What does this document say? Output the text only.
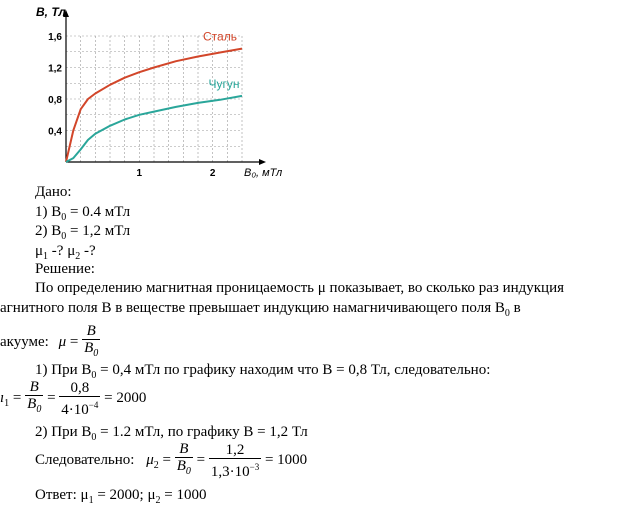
0,4
0,8
1,2
1,6
1	2
Сталь
Чугун
B, Тл
B₀, мТл
Дано:
1) $B_0 = 0.4$ мТл
2) $B_0 = 1,2$ мТл
$\mu_1$ -? $\mu_2$ -?
Решение:
По определению магнитная проницаемость μ показывает, во сколько раз индукция
агнитного поля B в веществе превышает индукцию намагничивающего поля $B_0$ в
акууме: $\mu = \frac{B}{B_0}$
1) При $B_0 = 0,4$ мТл по графику находим что B = 0,8 Тл, следовательно:
$ı_1 = \frac{B}{B_0} = \frac{0,8}{4\cdot 10^{-4}} = 2000$
2) При $B_0 = 1.2$ мТл, по графику B = 1,2 Тл
Следовательно: $\mu_2 = \frac{B}{B_0} = \frac{1,2}{1,3\cdot 10^{-3}} = 1000$
Ответ: $\mu_1 = 2000$; $\mu_2 = 1000$
